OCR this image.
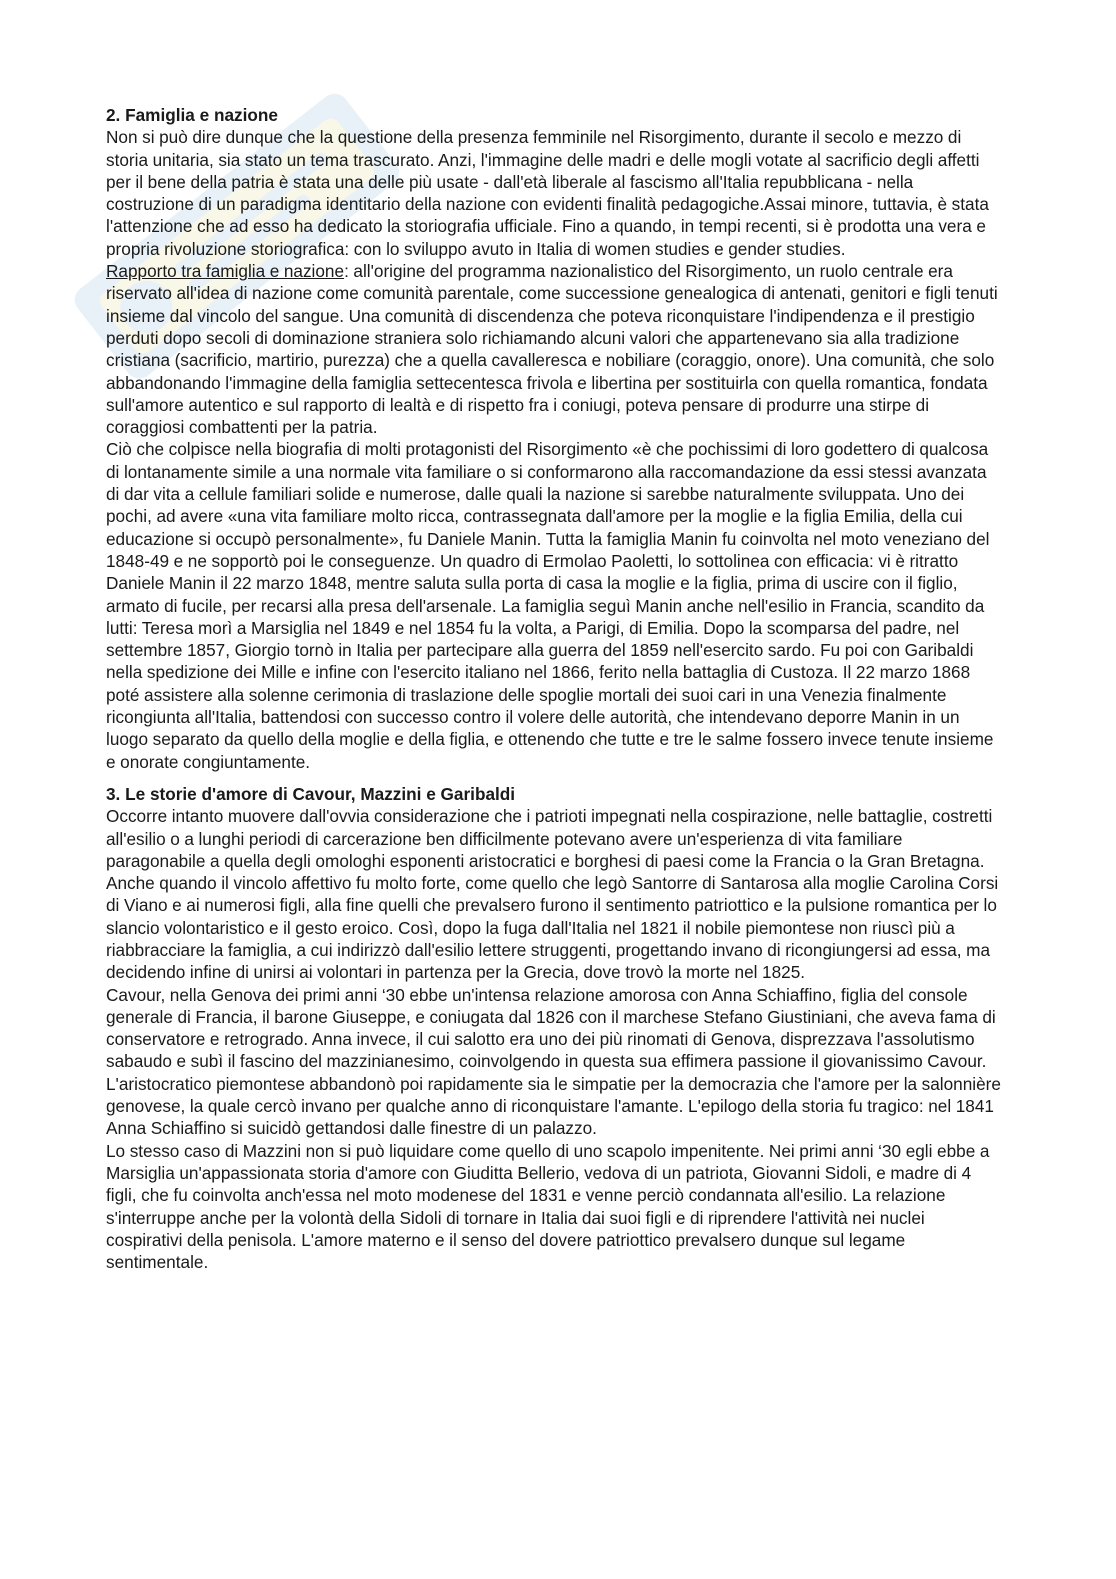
2. Famiglia e nazione

Non si può dire dunque che la questione della presenza femminile nel Risorgimento, durante il secolo e mezzo di storia unitaria, sia stato un tema trascurato. Anzi, l'immagine delle madri e delle mogli votate al sacrificio degli affetti per il bene della patria è stata una delle più usate - dall'età liberale al fascismo all'Italia repubblicana - nella costruzione di un paradigma identitario della nazione con evidenti finalità pedagogiche.Assai minore, tuttavia, è stata l'attenzione che ad esso ha dedicato la storiografia ufficiale. Fino a quando, in tempi recenti, si è prodotta una vera e propria rivoluzione storiografica: con lo sviluppo avuto in Italia di women studies e gender studies.

Rapporto tra famiglia e nazione: all'origine del programma nazionalistico del Risorgimento, un ruolo centrale era riservato all'idea di nazione come comunità parentale, come successione genealogica di antenati, genitori e figli tenuti insieme dal vincolo del sangue. Una comunità di discendenza che poteva riconquistare l'indipendenza e il prestigio perduti dopo secoli di dominazione straniera solo richiamando alcuni valori che appartenevano sia alla tradizione cristiana (sacrificio, martirio, purezza) che a quella cavalleresca e nobiliare (coraggio, onore). Una comunità, che solo abbandonando l'immagine della famiglia settecentesca frivola e libertina per sostituirla con quella romantica, fondata sull'amore autentico e sul rapporto di lealtà e di rispetto fra i coniugi, poteva pensare di produrre una stirpe di coraggiosi combattenti per la patria.

Ciò che colpisce nella biografia di molti protagonisti del Risorgimento «è che pochissimi di loro godettero di qualcosa di lontanamente simile a una normale vita familiare o si conformarono alla raccomandazione da essi stessi avanzata di dar vita a cellule familiari solide e numerose, dalle quali la nazione si sarebbe naturalmente sviluppata. Uno dei pochi, ad avere «una vita familiare molto ricca, contrassegnata dall'amore per la moglie e la figlia Emilia, della cui educazione si occupò personalmente», fu Daniele Manin. Tutta la famiglia Manin fu coinvolta nel moto veneziano del 1848-49 e ne sopportò poi le conseguenze. Un quadro di Ermolao Paoletti, lo sottolinea con efficacia: vi è ritratto Daniele Manin il 22 marzo 1848, mentre saluta sulla porta di casa la moglie e la figlia, prima di uscire con il figlio, armato di fucile, per recarsi alla presa dell'arsenale. La famiglia seguì Manin anche nell'esilio in Francia, scandito da lutti: Teresa morì a Marsiglia nel 1849 e nel 1854 fu la volta, a Parigi, di Emilia. Dopo la scomparsa del padre, nel settembre 1857, Giorgio tornò in Italia per partecipare alla guerra del 1859 nell'esercito sardo. Fu poi con Garibaldi nella spedizione dei Mille e infine con l'esercito italiano nel 1866, ferito nella battaglia di Custoza. Il 22 marzo 1868 poté assistere alla solenne cerimonia di traslazione delle spoglie mortali dei suoi cari in una Venezia finalmente ricongiunta all'Italia, battendosi con successo contro il volere delle autorità, che intendevano deporre Manin in un luogo separato da quello della moglie e della figlia, e ottenendo che tutte e tre le salme fossero invece tenute insieme e onorate congiuntamente.

3. Le storie d'amore di Cavour, Mazzini e Garibaldi

Occorre intanto muovere dall'ovvia considerazione che i patrioti impegnati nella cospirazione, nelle battaglie, costretti all'esilio o a lunghi periodi di carcerazione ben difficilmente potevano avere un'esperienza di vita familiare paragonabile a quella degli omologhi esponenti aristocratici e borghesi di paesi come la Francia o la Gran Bretagna. Anche quando il vincolo affettivo fu molto forte, come quello che legò Santorre di Santarosa alla moglie Carolina Corsi di Viano e ai numerosi figli, alla fine quelli che prevalsero furono il sentimento patriottico e la pulsione romantica per lo slancio volontaristico e il gesto eroico. Così, dopo la fuga dall'Italia nel 1821 il nobile piemontese non riuscì più a riabbracciare la famiglia, a cui indirizzò dall'esilio lettere struggenti, progettando invano di ricongiungersi ad essa, ma decidendo infine di unirsi ai volontari in partenza per la Grecia, dove trovò la morte nel 1825.

Cavour, nella Genova dei primi anni ‘30 ebbe un'intensa relazione amorosa con Anna Schiaffino, figlia del console generale di Francia, il barone Giuseppe, e coniugata dal 1826 con il marchese Stefano Giustiniani, che aveva fama di conservatore e retrogrado. Anna invece, il cui salotto era uno dei più rinomati di Genova, disprezzava l'assolutismo sabaudo e subì il fascino del mazzinianesimo, coinvolgendo in questa sua effimera passione il giovanissimo Cavour. L'aristocratico piemontese abbandonò poi rapidamente sia le simpatie per la democrazia che l'amore per la salonnière genovese, la quale cercò invano per qualche anno di riconquistare l'amante. L'epilogo della storia fu tragico: nel 1841 Anna Schiaffino si suicidò gettandosi dalle finestre di un palazzo.

Lo stesso caso di Mazzini non si può liquidare come quello di uno scapolo impenitente. Nei primi anni ‘30 egli ebbe a Marsiglia un'appassionata storia d'amore con Giuditta Bellerio, vedova di un patriota, Giovanni Sidoli, e madre di 4 figli, che fu coinvolta anch'essa nel moto modenese del 1831 e venne perciò condannata all'esilio. La relazione s'interruppe anche per la volontà della Sidoli di tornare in Italia dai suoi figli e di riprendere l'attività nei nuclei cospirativi della penisola. L'amore materno e il senso del dovere patriottico prevalsero dunque sul legame sentimentale.
